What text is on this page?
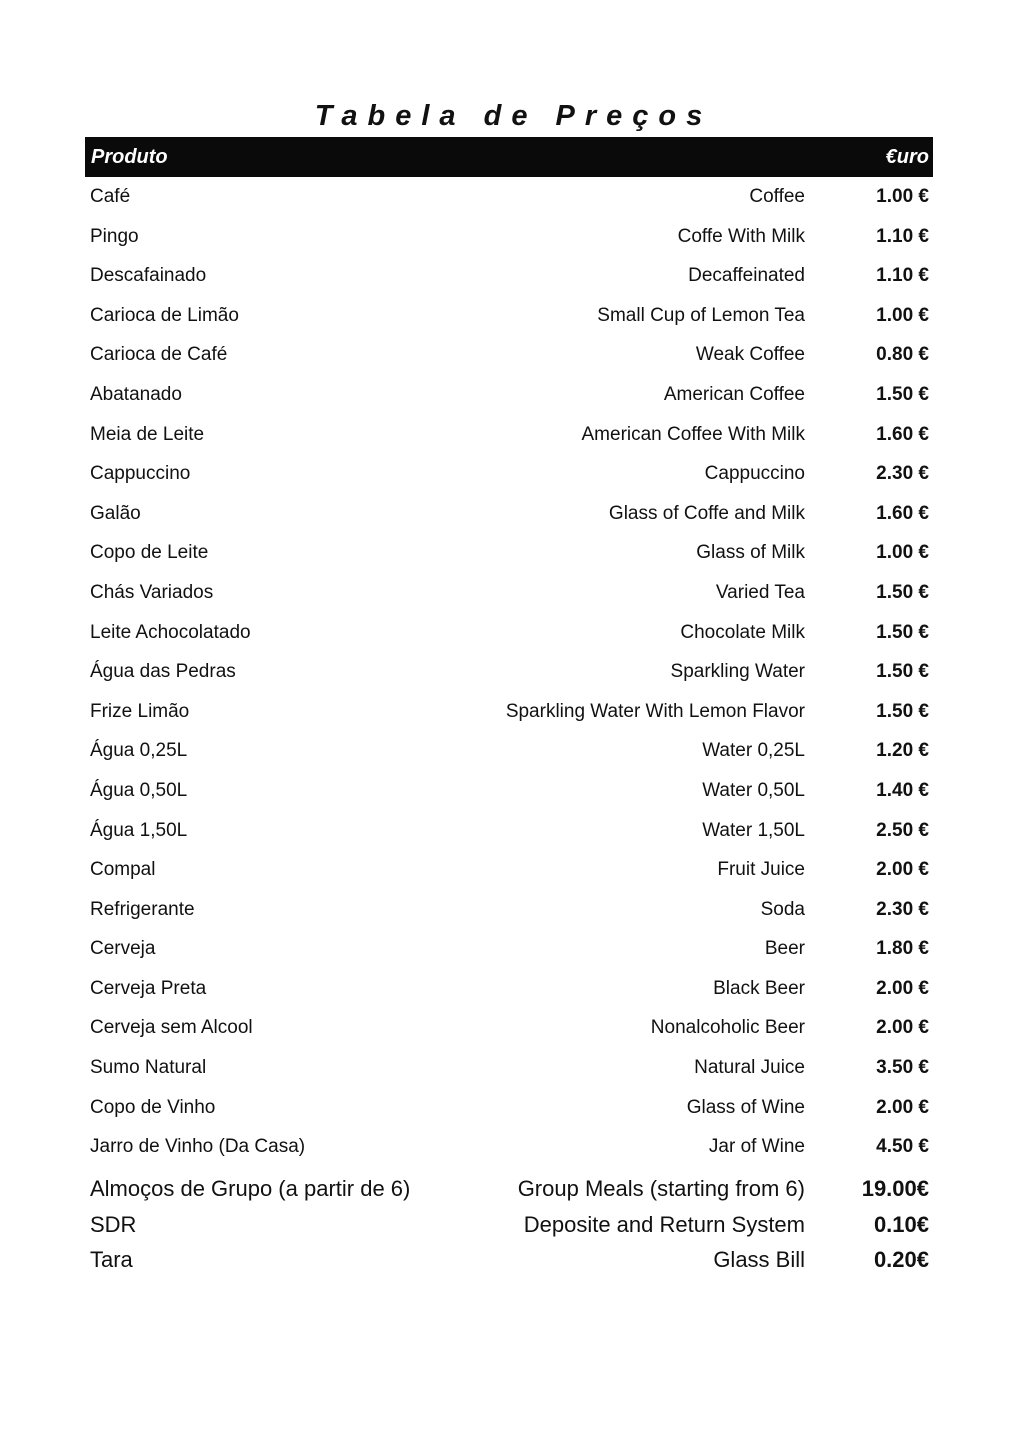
Tabela de Preços
Produto	€uro
Café	Coffee	1.00 €
Pingo	Coffe With Milk	1.10 €
Descafainado	Decaffeinated	1.10 €
Carioca de Limão	Small Cup of Lemon Tea	1.00 €
Carioca de Café	Weak Coffee	0.80 €
Abatanado	American Coffee	1.50 €
Meia de Leite	American Coffee With Milk	1.60 €
Cappuccino	Cappuccino	2.30 €
Galão	Glass of Coffe and Milk	1.60 €
Copo de Leite	Glass of Milk	1.00 €
Chás Variados	Varied Tea	1.50 €
Leite Achocolatado	Chocolate Milk	1.50 €
Água das Pedras	Sparkling Water	1.50 €
Frize Limão	Sparkling Water With Lemon Flavor	1.50 €
Água 0,25L	Water 0,25L	1.20 €
Água 0,50L	Water 0,50L	1.40 €
Água 1,50L	Water 1,50L	2.50 €
Compal	Fruit Juice	2.00 €
Refrigerante	Soda	2.30 €
Cerveja	Beer	1.80 €
Cerveja Preta	Black Beer	2.00 €
Cerveja sem Alcool	Nonalcoholic Beer	2.00 €
Sumo Natural	Natural Juice	3.50 €
Copo de Vinho	Glass of Wine	2.00 €
Jarro de Vinho (Da Casa)	Jar of Wine	4.50 €
Almoços de Grupo (a partir de 6)	Group Meals (starting from 6)	19.00€
SDR	Deposite and Return System	0.10€
Tara	Glass Bill	0.20€
